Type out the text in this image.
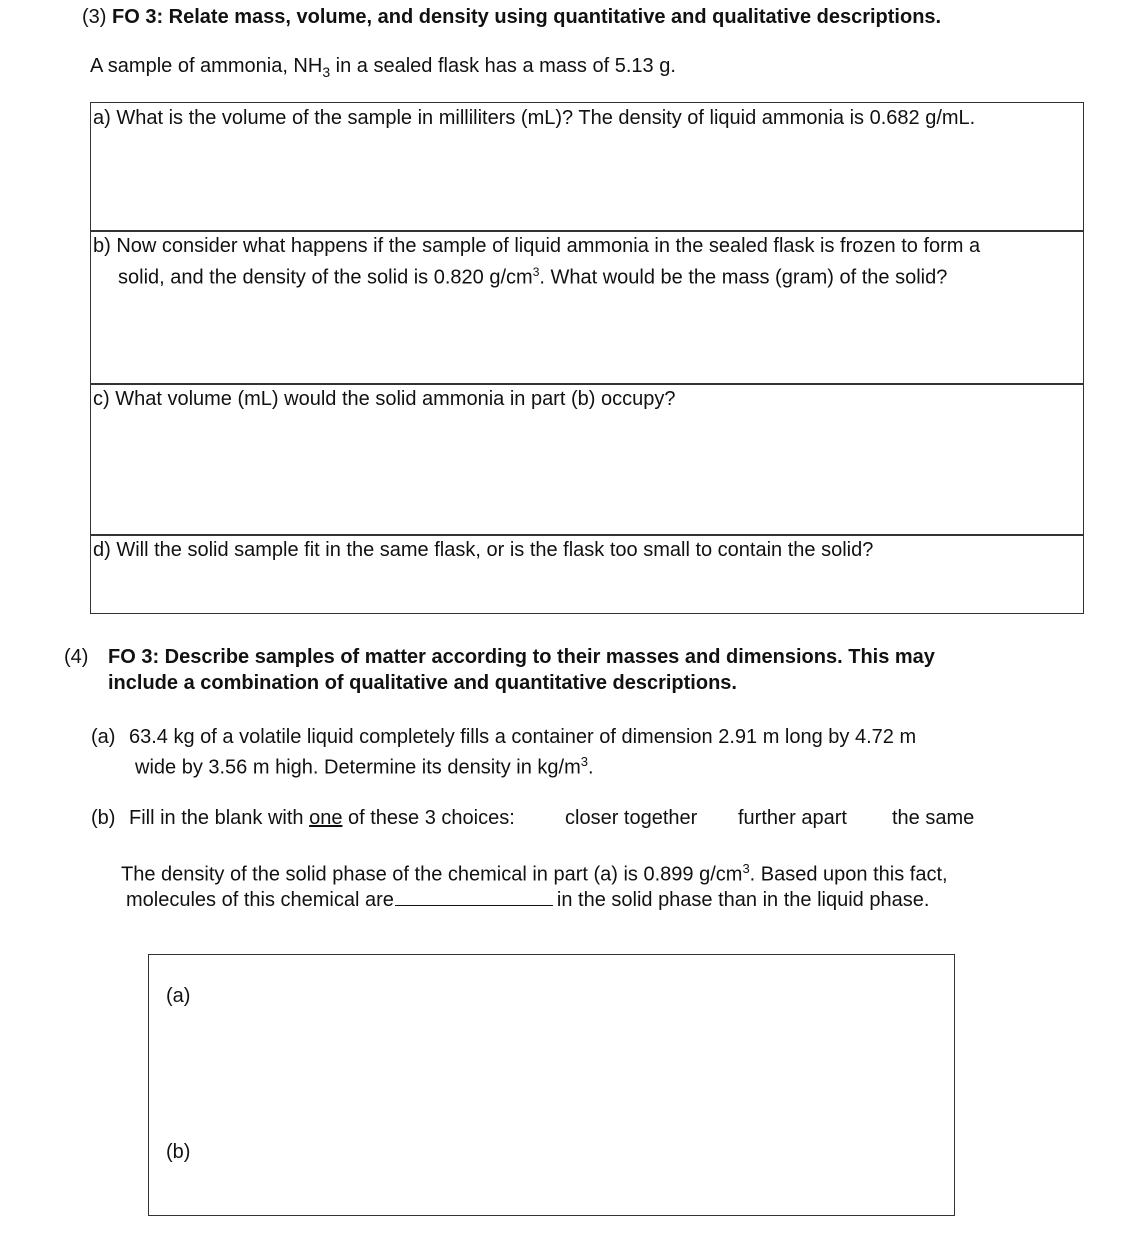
(3) FO 3: Relate mass, volume, and density using quantitative and qualitative descriptions.
A sample of ammonia, $NH_3$ in a sealed flask has a mass of 5.13 g.
a) What is the volume of the sample in milliliters (mL)? The density of liquid ammonia is 0.682 g/mL.
b) Now consider what happens if the sample of liquid ammonia in the sealed flask is frozen to form a
solid, and the density of the solid is 0.820 $g/cm^3$. What would be the mass (gram) of the solid?
c) What volume (mL) would the solid ammonia in part (b) occupy?
d) Will the solid sample fit in the same flask, or is the flask too small to contain the solid?
(4) FO 3: Describe samples of matter according to their masses and dimensions. This may
include a combination of qualitative and quantitative descriptions.
(a) 63.4 kg of a volatile liquid completely fills a container of dimension 2.91 m long by 4.72 m
wide by 3.56 m high. Determine its density in $kg/m^3$.
(b) Fill in the blank with one of these 3 choices:	closer together further apart the same
The density of the solid phase of the chemical in part (a) is 0.899 $g/cm^3$. Based upon this fact,
molecules of this chemical are	in the solid phase than in the liquid phase.
(a)
(b)
